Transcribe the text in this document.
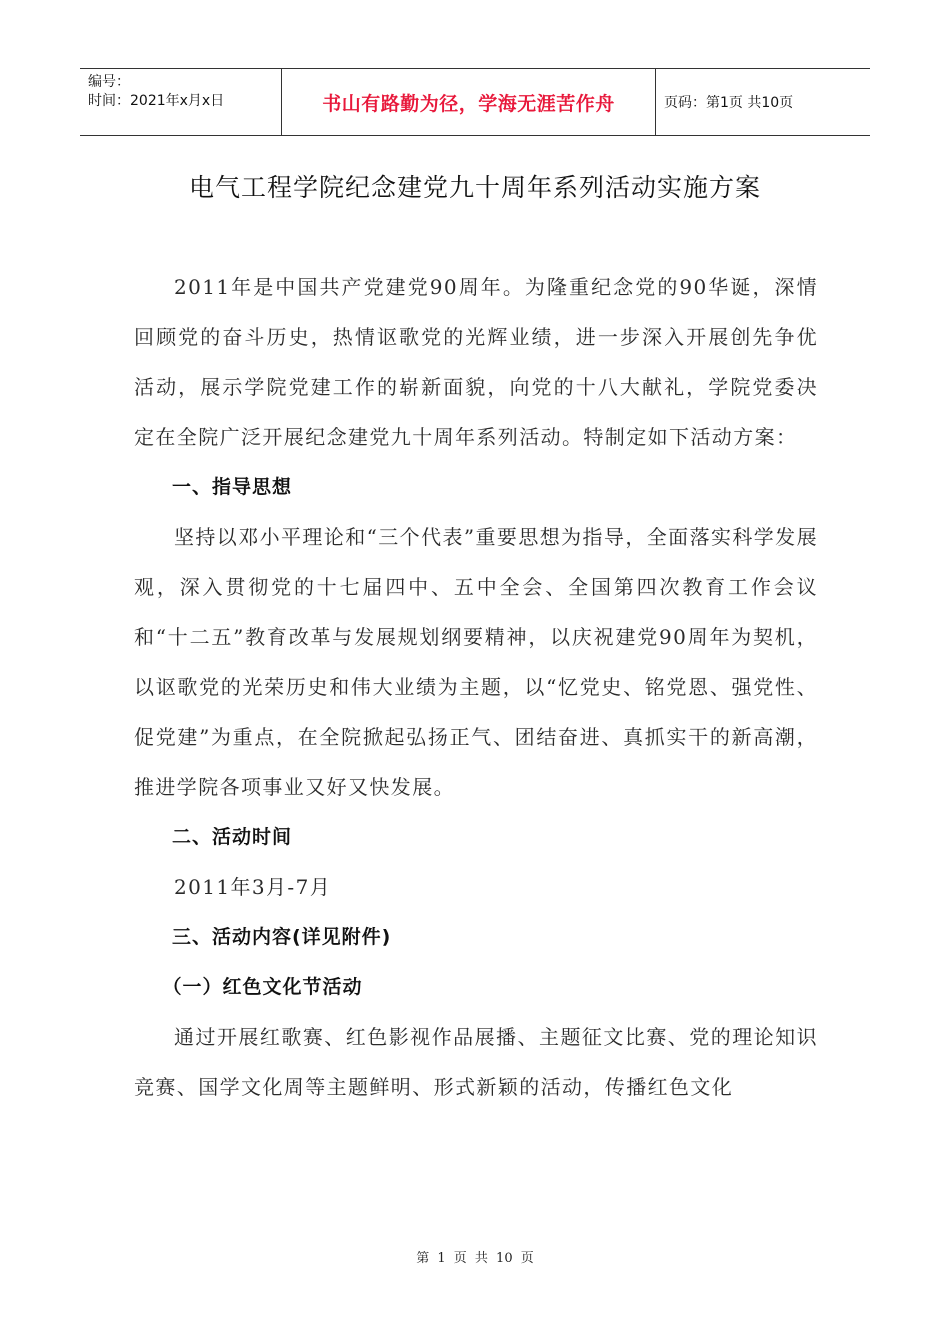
编号：
时间：2021年x月x日	书山有路勤为径，学海无涯苦作舟	页码：第1页 共10页
电气工程学院纪念建党九十周年系列活动实施方案

2011年是中国共产党建党90周年。为隆重纪念党的90华诞，深情回顾党的奋斗历史，热情讴歌党的光辉业绩，进一步深入开展创先争优活动，展示学院党建工作的崭新面貌，向党的十八大献礼，学院党委决定在全院广泛开展纪念建党九十周年系列活动。特制定如下活动方案：

一、指导思想

坚持以邓小平理论和“三个代表”重要思想为指导，全面落实科学发展观，深入贯彻党的十七届四中、五中全会、全国第四次教育工作会议和“十二五”教育改革与发展规划纲要精神，以庆祝建党90周年为契机，以讴歌党的光荣历史和伟大业绩为主题，以“忆党史、铭党恩、强党性、促党建”为重点，在全院掀起弘扬正气、团结奋进、真抓实干的新高潮，推进学院各项事业又好又快发展。

二、活动时间

2011年3月-7月

三、活动内容(详见附件)

（一）红色文化节活动

通过开展红歌赛、红色影视作品展播、主题征文比赛、党的理论知识竞赛、国学文化周等主题鲜明、形式新颖的活动，传播红色文化

第 1 页 共 10 页
